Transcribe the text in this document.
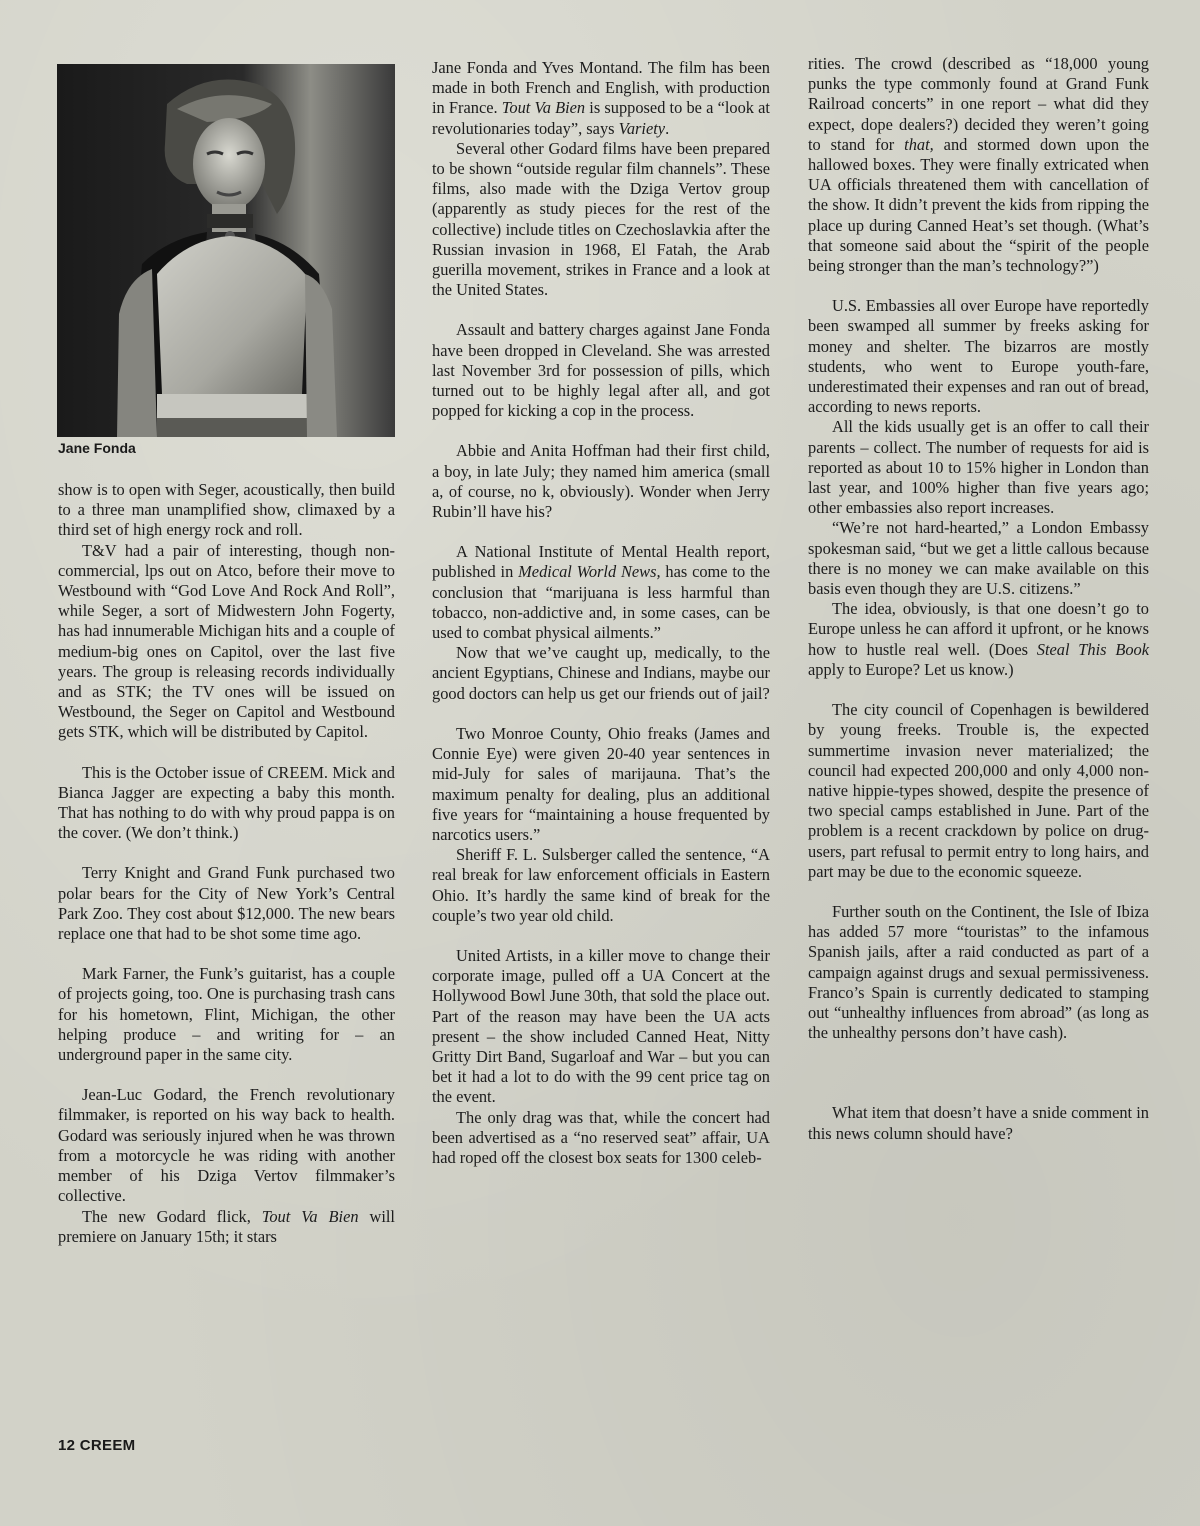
Jane Fonda

show is to open with Seger, acoustically, then build to a three man unamplified show, climaxed by a third set of high energy rock and roll.

T&V had a pair of interesting, though non-commercial, lps out on Atco, before their move to Westbound with “God Love And Rock And Roll”, while Seger, a sort of Midwestern John Fogerty, has had innumerable Michigan hits and a couple of medium-big ones on Capitol, over the last five years. The group is releasing records individually and as STK; the TV ones will be issued on Westbound, the Seger on Capitol and Westbound gets STK, which will be distributed by Capitol.

This is the October issue of CREEM. Mick and Bianca Jagger are expecting a baby this month. That has nothing to do with why proud pappa is on the cover. (We don’t think.)

Terry Knight and Grand Funk purchased two polar bears for the City of New York’s Central Park Zoo. They cost about $12,000. The new bears replace one that had to be shot some time ago.

Mark Farner, the Funk’s guitarist, has a couple of projects going, too. One is purchasing trash cans for his hometown, Flint, Michigan, the other helping produce – and writing for – an underground paper in the same city.

Jean-Luc Godard, the French revolutionary filmmaker, is reported on his way back to health. Godard was seriously injured when he was thrown from a motorcycle he was riding with another member of his Dziga Vertov filmmaker’s collective.

The new Godard flick, Tout Va Bien will premiere on January 15th; it stars

Jane Fonda and Yves Montand. The film has been made in both French and English, with production in France. Tout Va Bien is supposed to be a “look at revolutionaries today”, says Variety.

Several other Godard films have been prepared to be shown “outside regular film channels”. These films, also made with the Dziga Vertov group (apparently as study pieces for the rest of the collective) include titles on Czechoslavkia after the Russian invasion in 1968, El Fatah, the Arab guerilla movement, strikes in France and a look at the United States.

Assault and battery charges against Jane Fonda have been dropped in Cleveland. She was arrested last November 3rd for possession of pills, which turned out to be highly legal after all, and got popped for kicking a cop in the process.

Abbie and Anita Hoffman had their first child, a boy, in late July; they named him america (small a, of course, no k, obviously). Wonder when Jerry Rubin’ll have his?

A National Institute of Mental Health report, published in Medical World News, has come to the conclusion that “marijuana is less harmful than tobacco, non-addictive and, in some cases, can be used to combat physical ailments.”

Now that we’ve caught up, medically, to the ancient Egyptians, Chinese and Indians, maybe our good doctors can help us get our friends out of jail?

Two Monroe County, Ohio freaks (James and Connie Eye) were given 20-40 year sentences in mid-July for sales of marijauna. That’s the maximum penalty for dealing, plus an additional five years for “maintaining a house frequented by narcotics users.”

Sheriff F. L. Sulsberger called the sentence, “A real break for law enforcement officials in Eastern Ohio. It’s hardly the same kind of break for the couple’s two year old child.

United Artists, in a killer move to change their corporate image, pulled off a UA Concert at the Hollywood Bowl June 30th, that sold the place out. Part of the reason may have been the UA acts present – the show included Canned Heat, Nitty Gritty Dirt Band, Sugarloaf and War – but you can bet it had a lot to do with the 99 cent price tag on the event.

The only drag was that, while the concert had been advertised as a “no reserved seat” affair, UA had roped off the closest box seats for 1300 celeb-

rities. The crowd (described as “18,000 young punks the type commonly found at Grand Funk Railroad concerts” in one report – what did they expect, dope dealers?) decided they weren’t going to stand for that, and stormed down upon the hallowed boxes. They were finally extricated when UA officials threatened them with cancellation of the show. It didn’t prevent the kids from ripping the place up during Canned Heat’s set though. (What’s that someone said about the “spirit of the people being stronger than the man’s technology?”)

U.S. Embassies all over Europe have reportedly been swamped all summer by freeks asking for money and shelter. The bizarros are mostly students, who went to Europe youth-fare, underestimated their expenses and ran out of bread, according to news reports.

All the kids usually get is an offer to call their parents – collect. The number of requests for aid is reported as about 10 to 15% higher in London than last year, and 100% higher than five years ago; other embassies also report increases.

“We’re not hard-hearted,” a London Embassy spokesman said, “but we get a little callous because there is no money we can make available on this basis even though they are U.S. citizens.”

The idea, obviously, is that one doesn’t go to Europe unless he can afford it upfront, or he knows how to hustle real well. (Does Steal This Book apply to Europe? Let us know.)

The city council of Copenhagen is bewildered by young freeks. Trouble is, the expected summertime invasion never materialized; the council had expected 200,000 and only 4,000 non-native hippie-types showed, despite the presence of two special camps established in June. Part of the problem is a recent crackdown by police on drug-users, part refusal to permit entry to long hairs, and part may be due to the economic squeeze.

Further south on the Continent, the Isle of Ibiza has added 57 more “touristas” to the infamous Spanish jails, after a raid conducted as part of a campaign against drugs and sexual permissiveness. Franco’s Spain is currently dedicated to stamping out “unhealthy influences from abroad” (as long as the unhealthy persons don’t have cash).

What item that doesn’t have a snide comment in this news column should have?

12 CREEM
